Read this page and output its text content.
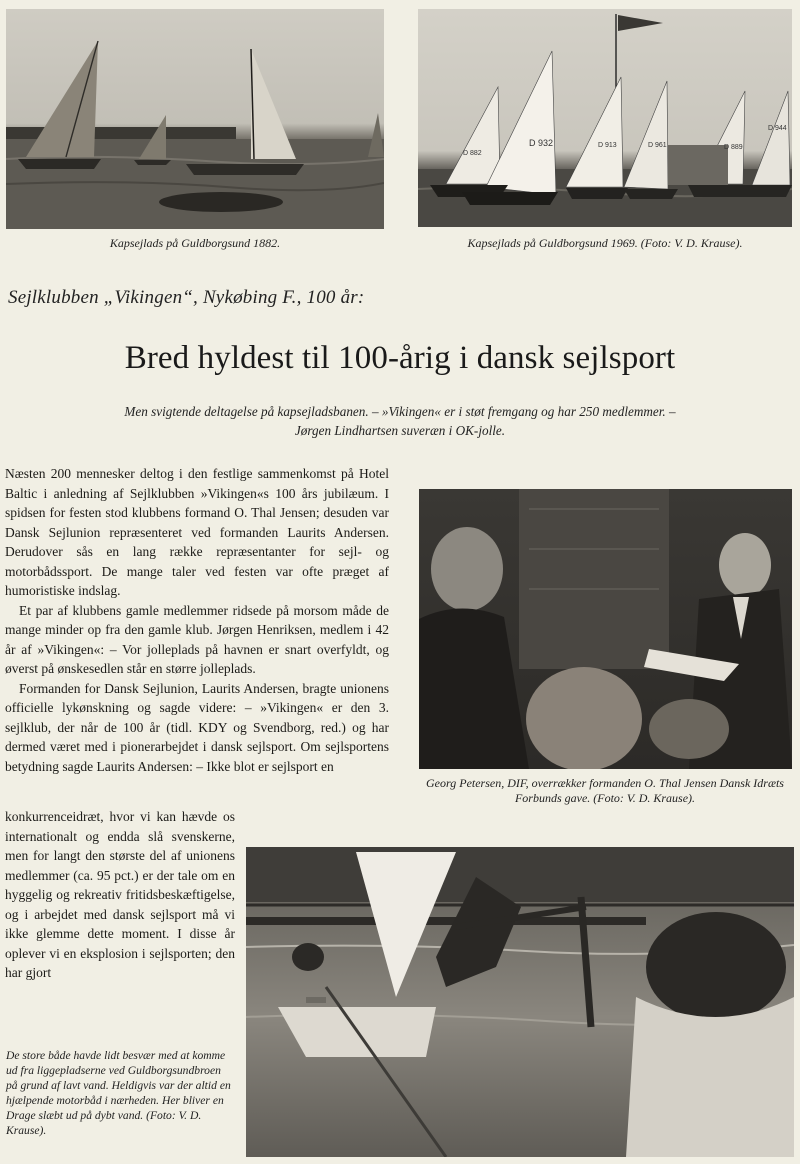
Kapsejlads på Guldborgsund 1882.
D 882
D 932	D 913	D 961	D 889
D 944
Kapsejlads på Guldborgsund 1969. (Foto: V. D. Krause).
Sejlklubben „Vikingen“, Nykøbing F., 100 år:
Bred hyldest til 100-årig i dansk sejlsport
Men svigtende deltagelse på kapsejladsbanen. – »Vikingen« er i støt fremgang og har 250 medlemmer. –
Jørgen Lindhartsen suveræn i OK-jolle.

Næsten 200 mennesker deltog i den festlige sammenkomst på Hotel Baltic i anledning af Sejlklubben »Vikingen«s 100 års jubilæum. I spidsen for festen stod klubbens formand O. Thal Jensen; desuden var Dansk Sejlunion repræsenteret ved formanden Laurits Andersen. Derudover sås en lang række repræsentanter for sejl- og motorbådssport. De mange taler ved festen var ofte præget af humoristiske indslag.

Et par af klubbens gamle medlemmer ridsede på morsom måde de mange minder op fra den gamle klub. Jørgen Henriksen, medlem i 42 år af »Vikingen«: – Vor jolleplads på havnen er snart overfyldt, og øverst på ønskesedlen står en større jolleplads.

Formanden for Dansk Sejlunion, Laurits Andersen, bragte unionens officielle lykønskning og sagde videre: – »Vikingen« er den 3. sejlklub, der når de 100 år (tidl. KDY og Svendborg, red.) og har dermed været med i pionerarbejdet i dansk sejlsport. Om sejlsportens betydning sagde Laurits Andersen: – Ikke blot er sejlsport en

konkurrenceidræt, hvor vi kan hævde os internationalt og endda slå svenskerne, men for langt den største del af unionens medlemmer (ca. 95 pct.) er der tale om en hyggelig og rekreativ fritidsbeskæftigelse, og i arbejdet med dansk sejlsport må vi ikke glemme dette moment. I disse år oplever vi en eksplosion i sejlsporten; den har gjort

Georg Petersen, DIF, overrækker formanden O. Thal Jensen Dansk Idræts Forbunds gave. (Foto: V. D. Krause).
De store både havde lidt besvær med at komme ud fra liggepladserne ved Guldborgsundbroen på grund af lavt vand. Heldigvis var der altid en hjælpende motorbåd i nærheden. Her bliver en Drage slæbt ud på dybt vand. (Foto: V. D. Krause).
